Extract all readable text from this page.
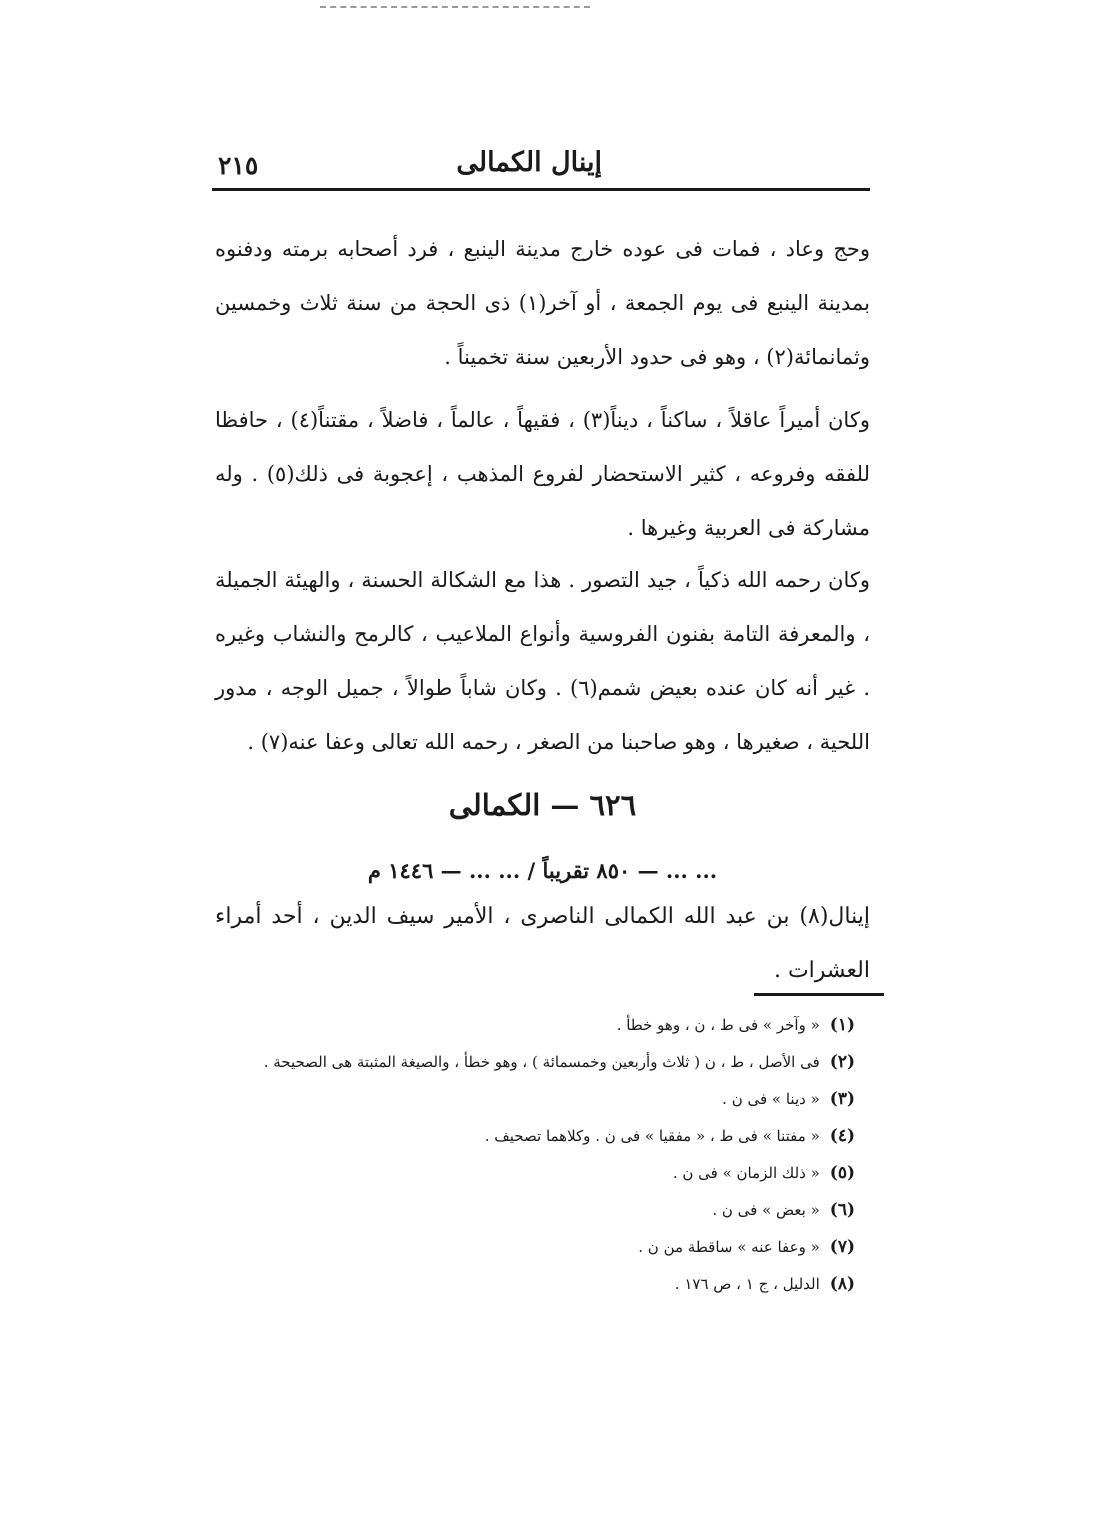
إينال الكمالى
٢١٥

وحج وعاد ، فمات فى عوده خارج مدينة الينبع ، فرد أصحابه برمته ودفنوه بمدينة الينبع فى يوم الجمعة ، أو آخر(١) ذى الحجة من سنة ثلاث وخمسين وثمانمائة(٢) ، وهو فى حدود الأربعين سنة تخميناً .

وكان أميراً عاقلاً ، ساكناً ، ديناً(٣) ، فقيهاً ، عالماً ، فاضلاً ، مقتناً(٤) ، حافظا للفقه وفروعه ، كثير الاستحضار لفروع المذهب ، إعجوبة فى ذلك(٥) . وله مشاركة فى العربية وغيرها .

وكان رحمه الله ذكياً ، جيد التصور . هذا مع الشكالة الحسنة ، والهيئة الجميلة ، والمعرفة التامة بفنون الفروسية وأنواع الملاعيب ، كالرمح والنشاب وغيره . غير أنه كان عنده بعيض شمم(٦) . وكان شاباً طوالاً ، جميل الوجه ، مدور اللحية ، صغيرها ، وهو صاحبنا من الصغر ، رحمه الله تعالى وعفا عنه(٧) .

٦٢٦ — الكمالى
... ... — ٨٥٠ تقريباً / ... ... — ١٤٤٦ م

إينال(٨) بن عبد الله الكمالى الناصرى ، الأمير سيف الدين ، أحد أمراء العشرات .

(١)« وآخر » فى ط ، ن ، وهو خطأ .
(٢)فى الأصل ، ط ، ن ( ثلاث وأربعين وخمسمائة ) ، وهو خطأ ، والصيغة المثبتة هى الصحيحة .
(٣)« دينا » فى ن .
(٤)« مفتنا » فى ط ، « مفقيا » فى ن . وكلاهما تصحيف .
(٥)« ذلك الزمان » فى ن .
(٦)« بعض » فى ن .
(٧)« وعفا عنه » ساقطة من ن .
(٨)الدليل ، ج ١ ، ص ١٧٦ .
